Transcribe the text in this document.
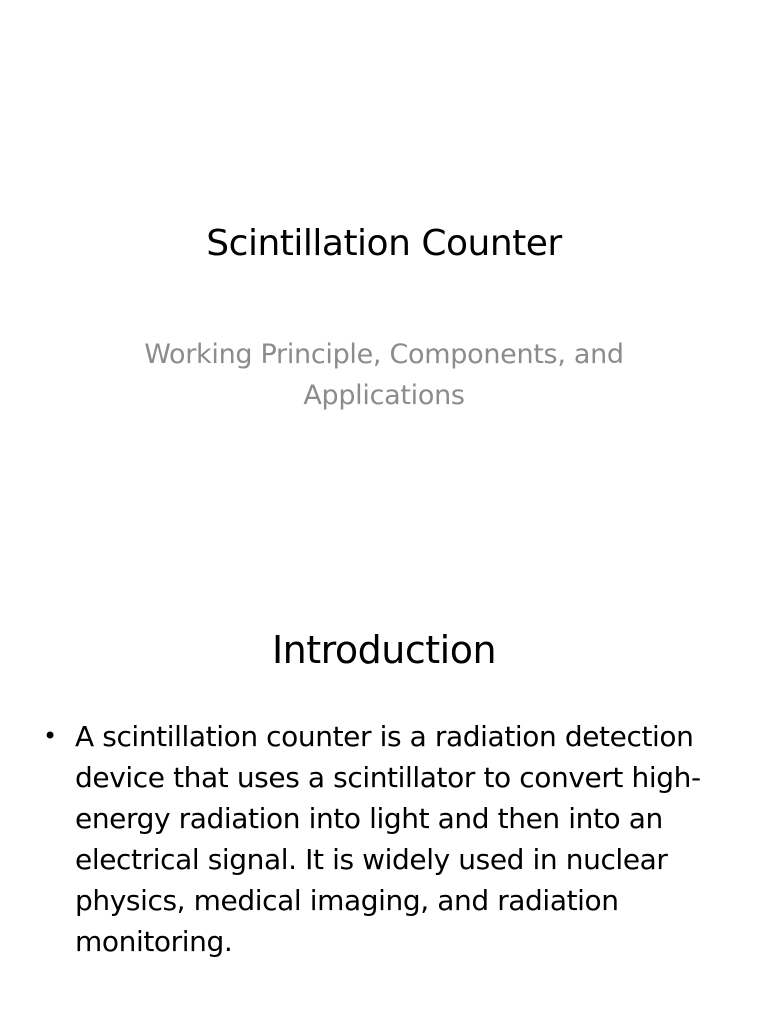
Scintillation Counter

Working Principle, Components, and Applications

Introduction
• A scintillation counter is a radiation detection device that uses a scintillator to convert high-energy radiation into light and then into an electrical signal. It is widely used in nuclear physics, medical imaging, and radiation monitoring.
